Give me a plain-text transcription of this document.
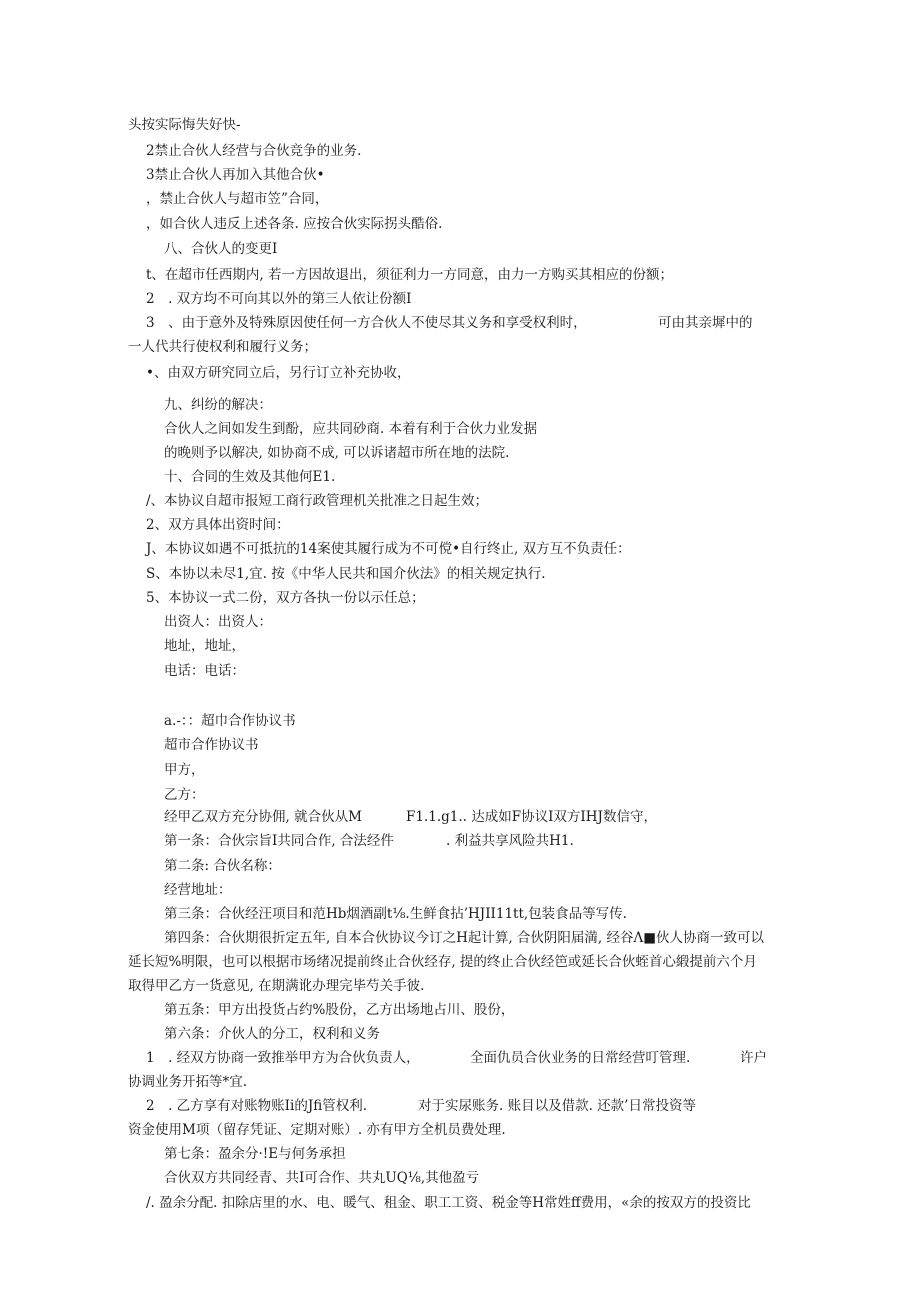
头按实际悔失好快-
2禁止合伙人经营与合伙竞争的业务.
3禁止合伙人再加入其他合伙•
，禁止合伙人与超市笠”合同，
，如合伙人违反上述各条. 应按合伙实际拐头酷俗.
八、合伙人的变更I
t、在超市任西期内, 若一方因故退出，须征利力一方同意，由力一方购买其相应的份额；
2　. 双方均不可向其以外的第三人依让份额I
3　、由于意外及特殊原因使任何一方合伙人不使尽其义务和享受权利时，	可由其亲墀中的
一人代共行使权利和履行义务；
•、由双方研究同立后，另行订立补充协收，
九、纠纷的解决：
合伙人之间如发生到酚，应共同砂商. 本着有利于合伙力业发据
的晚则予以解决, 如协商不成, 可以诉诸超市所在地的法院.
十、合同的生效及其他何E1.
/、本协议自超市报短工商行政管理机关批准之日起生效；
2、双方具体出资时间：
J、本协议如遇不可抵抗的14案使其履行成为不可傥•自行终止, 双方互不负责任：
S、本协以未尽1,宜. 按《中华人民共和国介伙法》的相关规定执行.
5、本协议一式二份，双方各执一份以示任总；
出资人：出资人：
地址，地址，
电话：电话：
a.-：：超巾合作协议书
超市合作协议书
甲方，
乙方：
经甲乙双方充分协佣, 就合伙从M	F1.1.g1.. 达成如F协议I双方IHJ数信守，
第一条：合伙宗旨I共同合作, 合法经件	. 利益共享风险共H1.
第二条: 合伙名称：
经营地址：
第三条：合伙经汪项目和范Hb烟酒副t⅛.生鲜食拈’HJII11tt,包装食品等写传.
第四条：合伙期很折定五年, 自本合伙协议今订之H起计算, 合伙阴阳届満, 经谷Λ■伙人协商一致可以
延长短%明限，也可以根据市场绪况提前终止合伙经存, 提的终止合伙经笆或延长合伙蛭首心緞提前六个月
取得甲乙方一货意见, 在期满讹办理完毕芍关手彼.
第五条：甲方出投货占约%股份，乙方出场地占川、股份，
第六条：介伙人的分工，权利和义务
1　. 经双方协商一致推举甲方为合伙负责人，	全面仇员合伙业务的日常经营叮管理.	许户
协调业务开拓等*宜.
2　. 乙方享有对账物账Ii的Jfi管权利.	对于实尿账务. 账目以及借款. 还款’日常投资等
资金使用M项（留存凭证、定期对账）. 亦有甲方全机员费处理.
第七条：盈余分·!E与何务承担
合伙双方共同经青、共I可合作、共丸UQ⅛,其他盈亏
/. 盈余分配. 扣除店里的水、电、暖气、租金、职工工资、税金等H常姓ff费用，«余的按双方的投资比
